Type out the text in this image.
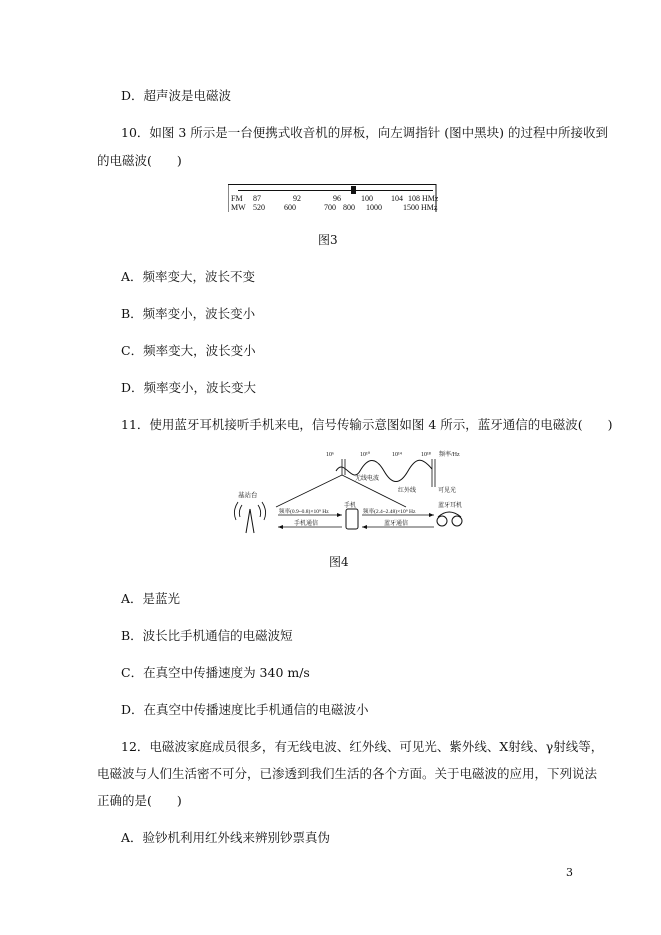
D．超声波是电磁波
10．如图 3 所示是一台便携式收音机的屏板，向左调指针 (图中黑块) 的过程中所接收到
的电磁波(　　)
FM
MW
87	92	96	100 104 108 HMz
520 600	700 800 1000	1500 HMz
图3
A．频率变大，波长不变
B．频率变小，波长变小
C．频率变大，波长变小
D．频率变小，波长变大
11．使用蓝牙耳机接听手机来电，信号传输示意图如图 4 所示，蓝牙通信的电磁波(　　)
10⁶	10¹⁰	10¹⁴	10¹⁸ 频率/Hz
无线电波
红外线	可见光
基站台
手机	蓝牙耳机
频率(0.9~0.8)×10⁹ Hz
手机通信
频率(2.4~2.48)×10⁹ Hz
蓝牙通信
图4
A．是蓝光
B．波长比手机通信的电磁波短
C．在真空中传播速度为 340 m/s
D．在真空中传播速度比手机通信的电磁波小
12．电磁波家庭成员很多，有无线电波、红外线、可见光、紫外线、X射线、γ射线等，
电磁波与人们生活密不可分，已渗透到我们生活的各个方面。关于电磁波的应用，下列说法
正确的是(　　)
A．验钞机利用红外线来辨别钞票真伪
3
